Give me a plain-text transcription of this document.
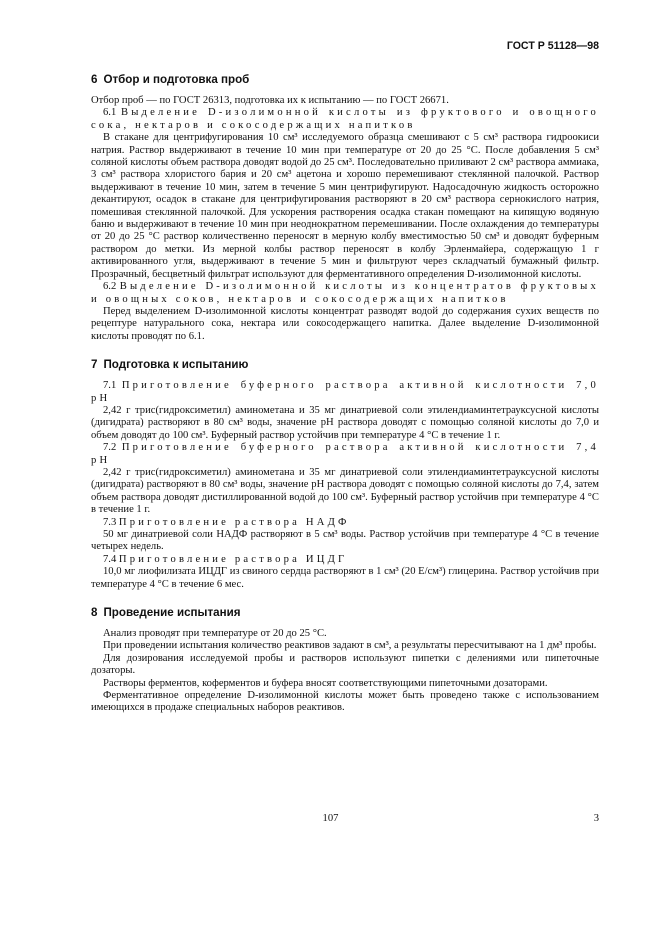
ГОСТ Р 51128—98
6 Отбор и подготовка проб

Отбор проб — по ГОСТ 26313, подготовка их к испытанию — по ГОСТ 26671.

6.1 Выделение D-изолимонной кислоты из фруктового и овощного сока, нектаров и сокосодержащих напитков

В стакане для центрифугирования 10 см³ исследуемого образца смешивают с 5 см³ раствора гидроокиси натрия. Раствор выдерживают в течение 10 мин при температуре от 20 до 25 °С. После добавления 5 см³ соляной кислоты объем раствора доводят водой до 25 см³. Последовательно приливают 2 см³ раствора аммиака, 3 см³ раствора хлористого бария и 20 см³ ацетона и хорошо перемешивают стеклянной палочкой. Раствор выдерживают в течение 10 мин, затем в течение 5 мин центрифугируют. Надосадочную жидкость осторожно декантируют, осадок в стакане для центрифугирования растворяют в 20 см³ раствора сернокислого натрия, помешивая стеклянной палочкой. Для ускорения растворения осадка стакан помещают на кипящую водяную баню и выдерживают в течение 10 мин при неоднократном перемешивании. После охлаждения до температуры от 20 до 25 °С раствор количественно переносят в мерную колбу вместимостью 50 см³ и доводят буферным раствором до метки. Из мерной колбы раствор переносят в колбу Эрленмайера, содержащую 1 г активированного угля, выдерживают в течение 5 мин и фильтруют через складчатый бумажный фильтр. Прозрачный, бесцветный фильтрат используют для ферментативного определения D-изолимонной кислоты.

6.2 Выделение D-изолимонной кислоты из концентратов фруктовых и овощных соков, нектаров и сокосодержащих напитков

Перед выделением D-изолимонной кислоты концентрат разводят водой до содержания сухих веществ по рецептуре натурального сока, нектара или сокосодержащего напитка. Далее выделение D-изолимонной кислоты проводят по 6.1.

7 Подготовка к испытанию

7.1 Приготовление буферного раствора активной кислотности 7,0 рН

2,42 г трис(гидроксиметил) аминометана и 35 мг динатриевой соли этилендиаминтетрауксусной кислоты (дигидрата) растворяют в 80 см³ воды, значение рН раствора доводят с помощью соляной кислоты до 7,0 и объем доводят до 100 см³. Буферный раствор устойчив при температуре 4 °С в течение 1 г.

7.2 Приготовление буферного раствора активной кислотности 7,4 рН

2,42 г трис(гидроксиметил) аминометана и 35 мг динатриевой соли этилендиаминтетрауксусной кислоты (дигидрата) растворяют в 80 см³ воды, значение рН раствора доводят с помощью соляной кислоты до 7,4, затем объем раствора доводят дистиллированной водой до 100 см³. Буферный раствор устойчив при температуре 4 °С в течение 1 г.

7.3 Приготовление раствора НАДФ

50 мг динатриевой соли НАДФ растворяют в 5 см³ воды. Раствор устойчив при температуре 4 °С в течение четырех недель.

7.4 Приготовление раствора ИЦДГ

10,0 мг лиофилизата ИЦДГ из свиного сердца растворяют в 1 см³ (20 Е/см³) глицерина. Раствор устойчив при температуре 4 °С в течение 6 мес.

8 Проведение испытания

Анализ проводят при температуре от 20 до 25 °С.

При проведении испытания количество реактивов задают в см³, а результаты пересчитывают на 1 дм³ пробы.

Для дозирования исследуемой пробы и растворов используют пипетки с делениями или пипеточные дозаторы.

Растворы ферментов, коферментов и буфера вносят соответствующими пипеточными дозаторами.

Ферментативное определение D-изолимонной кислоты может быть проведено также с использованием имеющихся в продаже специальных наборов реактивов.

107	3
